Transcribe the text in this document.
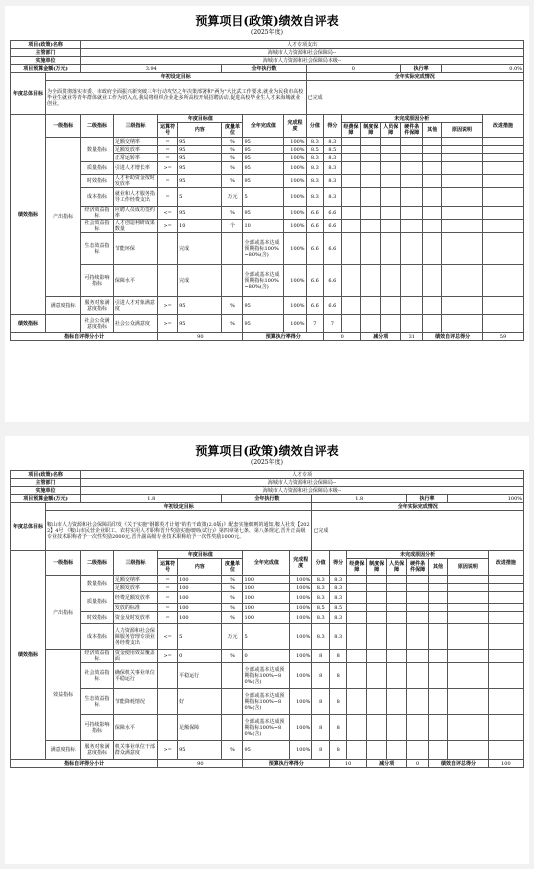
预算项目(政策)绩效自评表
(2025年度)
项目(政策)名称		人才专项支出															
主管部门		海城市人力资源和社会保障局--															
实施单位		海城市人力资源和社会保障局本级--															
项目预算金额(万元)		3.94				全年执行数			0					执行率		0.0%	
年度总体目标	年初设定目标								全年实际完成情况								
	为全面贯彻落实市委、市政府全面振兴新突破三年行动攻坚之年决策部署和"两为"大比武工作要求,就业为民我市高校毕业生就业等青年群体就业工作为切入点,我局将组织企业赴多所高校开展招聘活动,促进高校毕业生人才来海城就业创业。								已完成								
绩效指标	一级指标	二级指标	三级指标	年度目标值			全年完成值	完成程度	分值	得分	未完成原因分析						改进措施
				运算符号	内容	度量单位					经费保障	制度保障	人员保障	硬件条件保障	其他	原因说明	
	产出指标	数量指标	足额交纳率	=	95	%	95	100%	8.3	8.3							
			足额发放率	=	95	%	95	100%	8.5	8.5							
			正常运转率	=	95	%	95	100%	8.3	8.3							
		质量指标	引进人才增长率	>=	95	%	95	100%	8.3	8.3							
		时效指标	人才补助资金按时发放率	=	95	%	95	100%	8.3	8.3							
		成本指标	就业和人才服务指导工作经费支出	=	5	万元	5	100%	8.3	8.3							
		经济效益指标	应聘人员成功签约率	<=	95	%	95	100%	6.6	6.6							
		社会效益指标	人才创造利研成果数量	>=	10	个	10	100%	6.6	6.6							
		生态效益指标	节能环保		完成		全部或基本达成预期指标100%~80%(含)	100%	6.6	6.6							
		可持续影响指标	保障水平		完成		全部或基本达成预期指标100%~80%(含)	100%	6.6	6.6							
	满意度指标	服务对象满意度指标	引进人才对象满意度	>=	95	%	95	100%	6.6	6.6							
绩效指标		社会公众满意度指标	社会公众满意度	>=	95	%	95	100%	7	7							
指标自评得分小计				90			预算执行率得分			0		减分项		31	绩效自评总得分		59
预算项目(政策)绩效自评表
(2025年度)
项目(政策)名称		人才专项															
主管部门		海城市人力资源和社会保障局--															
实施单位		海城市人力资源和社会保障局本级--															
项目预算金额(万元)		1.8				全年执行数			1.8					执行率		100%	
年度总体目标	年初设定目标								全年实际完成情况								
	鞍山市人力资源和社会保障局印发《关于实施"钢都英才计划"的若干政策(2.0版)》配套实施细则的通知,鞍人社发【2022】4号 《鞍山市民营企业职工、农村实用人才职称晋升奖励实施细则(试行)》第四章第七条、第八条规定,晋升正高级专业技术职称者予一次性奖励2000元,晋升副高级专业技术职称给予一次性奖励1000元。								已完成								
绩效指标	一级指标	二级指标	三级指标	年度目标值			全年完成值	完成程度	分值	得分	未完成原因分析						改进措施
				运算符号	内容	度量单位					经费保障	制度保障	人员保障	硬件条件保障	其他	原因说明	
	产出指标	数量指标	足额交纳率	=	100	%	100	100%	8.3	8.3							
			足额发放率	=	100	%	100	100%	8.3	8.3							
		质量指标	经费足额发放率	=	100	%	100	100%	8.3	8.3							
			发放的标准	=	100	%	100	100%	8.5	8.5							
		时效指标	资金及时发放率	=	100	%	100	100%	8.3	8.3							
		成本指标	人力资源和社会保障服务管理专项业务经费支出	<=	5	万元	5	100%	8.3	8.3							
	效益指标	经济效益指标	资金使用效益覆盖面	>=	0	%	0	100%	8	8							
		社会效益指标	确保机关事业单位平稳运行		平稳运行		全部或基本达成预期指标100%~80%(含)	100%	8	8							
		生态效益指标	节能降耗情况		好		全部或基本达成预期指标100%~80%(含)	100%	8	8							
		可持续影响指标	保障水平		足额保障		全部或基本达成预期指标100%~80%(含)	100%	8	8							
	满意度指标	服务对象满意度指标	机关事业单位干部群众满意度	>=	95	%	95	100%	8	8							
指标自评得分小计				90			预算执行率得分			10		减分项		0	绩效自评总得分		100
